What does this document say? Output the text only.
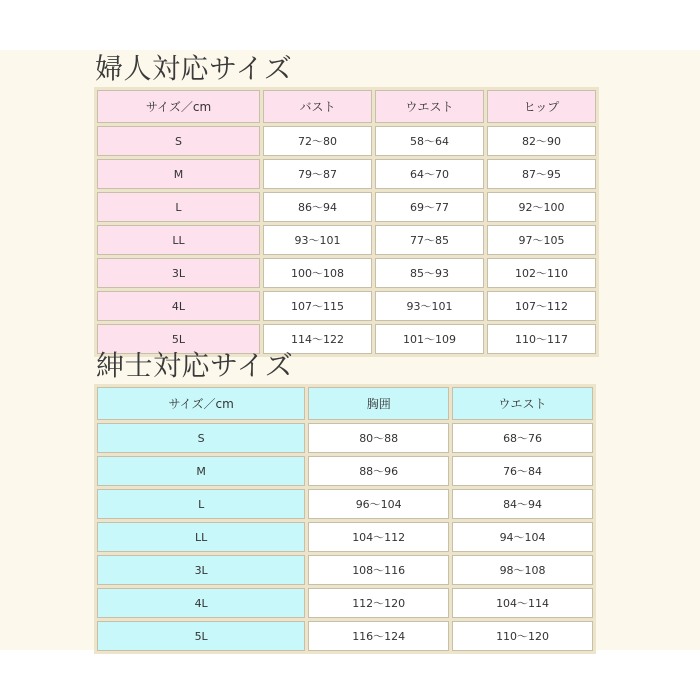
婦人対応サイズ
サイズ／cm	バスト	ウエスト	ヒップ
S	72〜80	58〜64	82〜90
M	79〜87	64〜70	87〜95
L	86〜94	69〜77	92〜100
LL	93〜101	77〜85	97〜105
3L	100〜108	85〜93	102〜110
4L	107〜115	93〜101	107〜112
5L	114〜122	101〜109	110〜117
紳士対応サイズ
サイズ／cm	胸囲	ウエスト
S	80〜88	68〜76
M	88〜96	76〜84
L	96〜104	84〜94
LL	104〜112	94〜104
3L	108〜116	98〜108
4L	112〜120	104〜114
5L	116〜124	110〜120
